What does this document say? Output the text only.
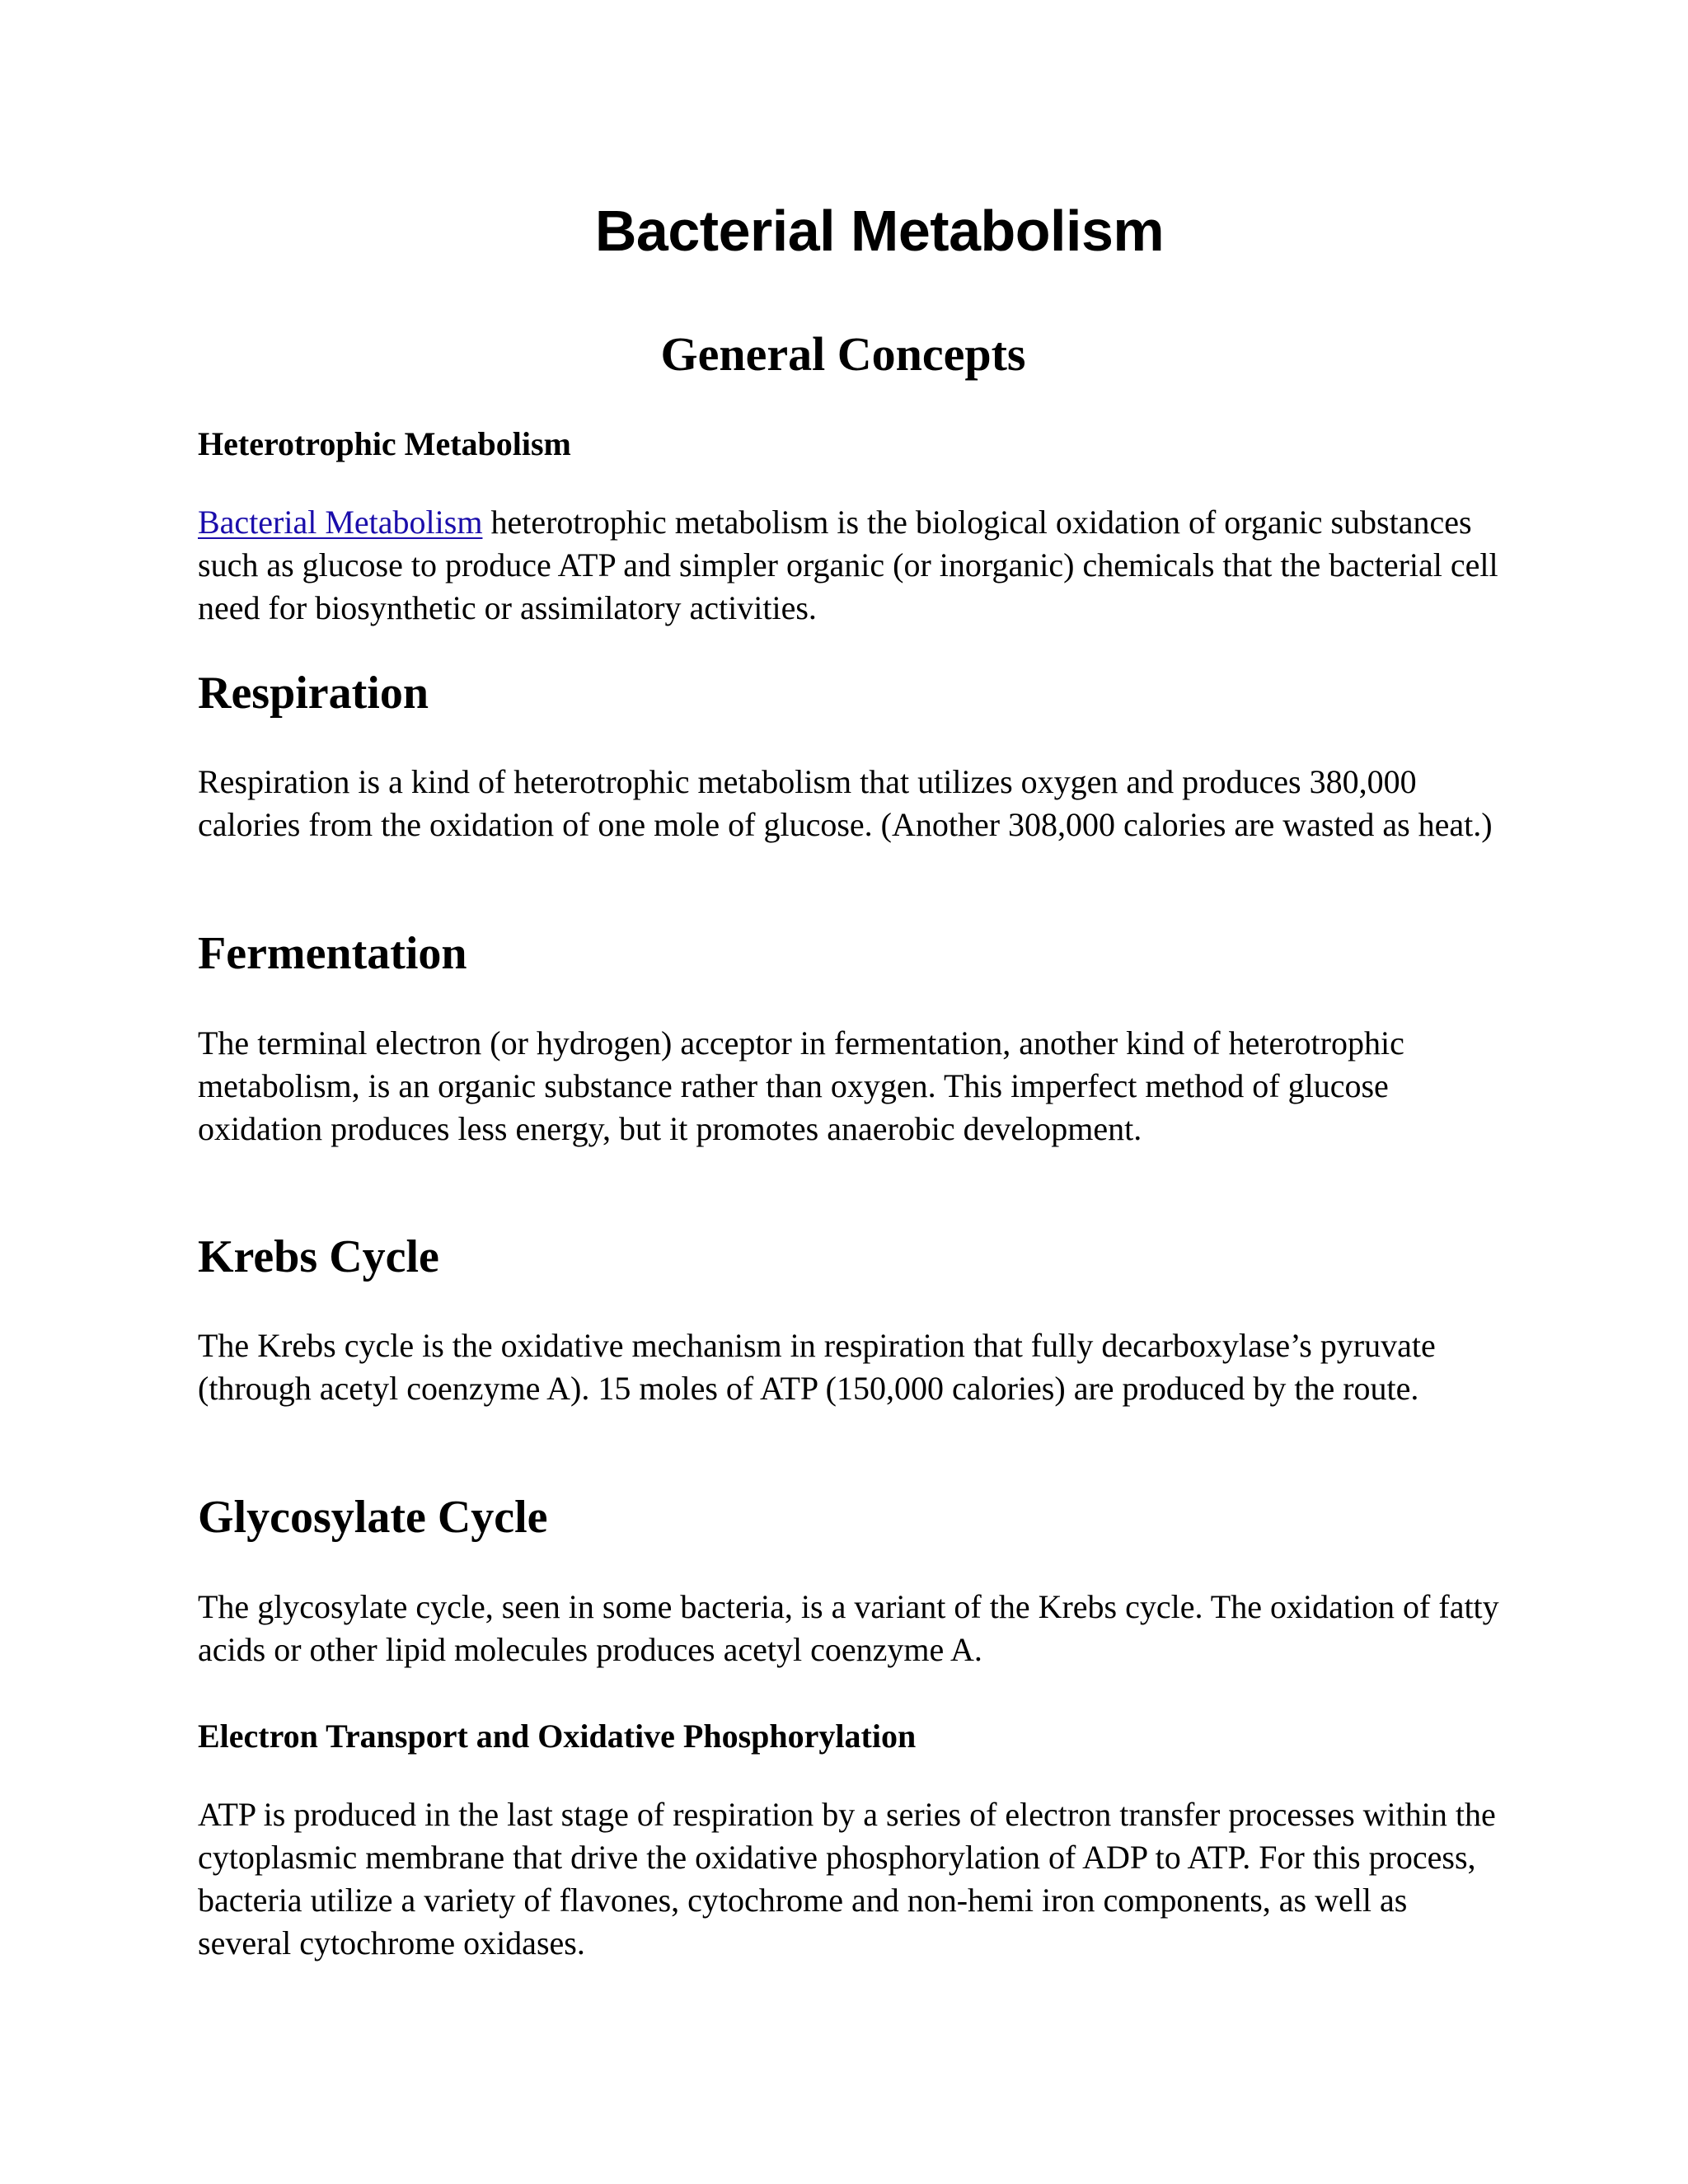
Bacterial Metabolism
General Concepts
Heterotrophic Metabolism

Bacterial Metabolism heterotrophic metabolism is the biological oxidation of organic substances such as glucose to produce ATP and simpler organic (or inorganic) chemicals that the bacterial cell need for biosynthetic or assimilatory activities.

Respiration

Respiration is a kind of heterotrophic metabolism that utilizes oxygen and produces 380,000 calories from the oxidation of one mole of glucose. (Another 308,000 calories are wasted as heat.)

Fermentation

The terminal electron (or hydrogen) acceptor in fermentation, another kind of heterotrophic metabolism, is an organic substance rather than oxygen. This imperfect method of glucose oxidation produces less energy, but it promotes anaerobic development.

Krebs Cycle

The Krebs cycle is the oxidative mechanism in respiration that fully decarboxylase’s pyruvate (through acetyl coenzyme A). 15 moles of ATP (150,000 calories) are produced by the route.

Glycosylate Cycle

The glycosylate cycle, seen in some bacteria, is a variant of the Krebs cycle. The oxidation of fatty acids or other lipid molecules produces acetyl coenzyme A.

Electron Transport and Oxidative Phosphorylation

ATP is produced in the last stage of respiration by a series of electron transfer processes within the cytoplasmic membrane that drive the oxidative phosphorylation of ADP to ATP. For this process, bacteria utilize a variety of flavones, cytochrome and non-hemi iron components, as well as several cytochrome oxidases.
